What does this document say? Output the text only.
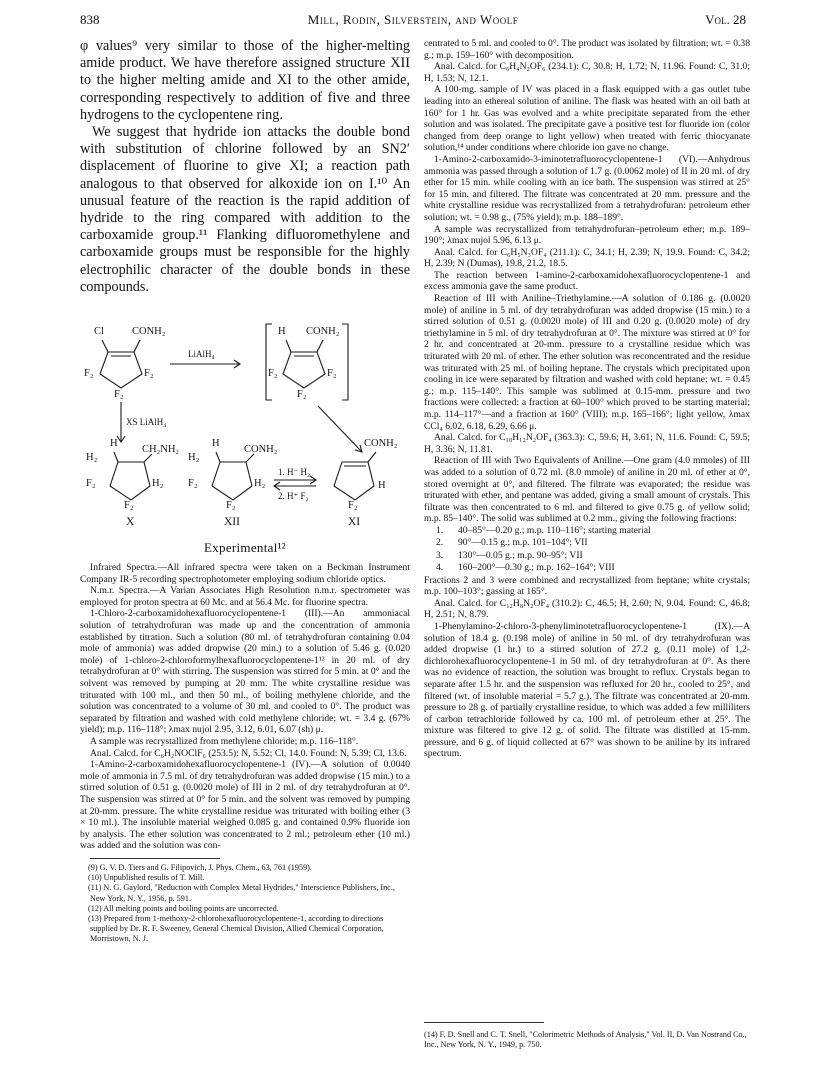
838	Mill, Rodin, Silverstein, and Woolf	Vol. 28

φ values⁹ very similar to those of the higher-melting amide product. We have therefore assigned structure XII to the higher melting amide and XI to the other amide, corresponding respectively to addition of five and three hydrogens to the cyclopentene ring.

We suggest that hydride ion attacks the double bond with substitution of chlorine followed by an SN2′ displacement of fluorine to give XI; a reaction path analogous to that observed for alkoxide ion on I.¹⁰ An unusual feature of the reaction is the rapid addition of hydride to the ring compared with addition to the carboxamide group.¹¹ Flanking difluoromethylene and carboxamide groups must be responsible for the highly electrophilic character of the double bonds in these compounds.

Cl	CONH₂
F₂	F₂
F₂
LiAlH₄
H CONH₂
F₂	F₂
F₂
XS LiAlH₄
H
CH₂NH₂
H₂
F₂	H₂
F₂
X
H
CONH₂
H₂
F₂	H₂
F₂
XII
1. H⁻ H₂
2. H⁺ F₂
CONH₂
H
F₂
XI
Experimental¹²

Infrared Spectra.—All infrared spectra were taken on a Beckman Instrument Company IR-5 recording spectrophotometer employing sodium chloride optics.

N.m.r. Spectra.—A Varian Associates High Resolution n.m.r. spectrometer was employed for proton spectra at 60 Mc. and at 56.4 Mc. for fluorine spectra.

1-Chloro-2-carboxamidohexafluorocyclopentene-1 (III).—An ammoniacal solution of tetrahydrofuran was made up and the concentration of ammonia established by titration. Such a solution (80 ml. of tetrahydrofuran containing 0.04 mole of ammonia) was added dropwise (20 min.) to a solution of 5.46 g. (0.020 mole) of 1-chloro-2-chloroformylhexafluorocyclopentene-1¹³ in 20 ml. of dry tetrahydrofuran at 0° with stirring. The suspension was stirred for 5 min. at 0° and the solvent was removed by pumping at 20 mm. The white crystalline residue was triturated with 100 ml., and then 50 ml., of boiling methylene chloride, and the solution was concentrated to a volume of 30 ml. and cooled to 0°. The product was separated by filtration and washed with cold methylene chloride; wt. = 3.4 g. (67% yield); m.p. 116–118°; λmax nujol 2.95, 3.12, 6.01, 6.07 (sh) μ.

A sample was recrystallized from methylene chloride; m.p. 116–118°.

Anal. Calcd. for C₆H₂NOClF₆ (253.5): N, 5.52; Cl, 14.0. Found: N, 5.39; Cl, 13.6.

1-Amino-2-carboxamidohexafluorocyclopentene-1 (IV).—A solution of 0.0040 mole of ammonia in 7.5 ml. of dry tetrahydrofuran was added dropwise (15 min.) to a stirred solution of 0.51 g. (0.0020 mole) of III in 2 ml. of dry tetrahydrofuran at 0°. The suspension was stirred at 0° for 5 min. and the solvent was removed by pumping at 20-mm. pressure. The white crystalline residue was triturated with boiling ether (3 × 10 ml.). The insoluble material weighed 0.085 g. and contained 0.9% fluoride ion by analysis. The ether solution was concentrated to 2 ml.; petroleum ether (10 ml.) was added and the solution was con-

(9) G. V. D. Tiers and G. Filipovich, J. Phys. Chem., 63, 761 (1959).

(10) Unpublished results of T. Mill.

(11) N. G. Gaylord, "Reduction with Complex Metal Hydrides," Interscience Publishers, Inc., New York, N. Y., 1956, p. 591.

(12) All melting points and boiling points are uncorrected.

(13) Prepared from 1-methoxy-2-chlorohexafluorocyclopentene-1, according to directions supplied by Dr. R. F. Sweeney, General Chemical Division, Allied Chemical Corporation, Morristown, N. J.

centrated to 5 ml. and cooled to 0°. The product was isolated by filtration; wt. = 0.38 g.; m.p. 159–160° with decomposition.

Anal. Calcd. for C₆H₄N₂OF₆ (234.1): C, 30.8; H, 1.72; N, 11.96. Found: C, 31.0; H, 1.53; N, 12.1.

A 100-mg. sample of IV was placed in a flask equipped with a gas outlet tube leading into an ethereal solution of aniline. The flask was heated with an oil bath at 160° for 1 hr. Gas was evolved and a white precipitate separated from the ether solution and was isolated. The precipitate gave a positive test for fluoride ion (color changed from deep orange to light yellow) when treated with ferric thiocyanate solution,¹⁴ under conditions where chloride ion gave no change.

1-Amino-2-carboxamido-3-iminotetrafluorocyclopentene-1 (VI).—Anhydrous ammonia was passed through a solution of 1.7 g. (0.0062 mole) of II in 20 ml. of dry ether for 15 min. while cooling with an ice bath. The suspension was stirred at 25° for 15 min. and filtered. The filtrate was concentrated at 20 mm. pressure and the white crystalline residue was recrystallized from a tetrahydrofuran: petroleum ether solution; wt. = 0.98 g., (75% yield); m.p. 188–189°.

A sample was recrystallized from tetrahydrofuran–petroleum ether; m.p. 189–190°; λmax nujol 5.96, 6.13 μ.

Anal. Calcd. for C₆H₅N₃OF₄ (211.1): C, 34.1; H, 2.39; N, 19.9. Found: C, 34.2; H, 2.39; N (Dumas), 19.8, 21.2, 18.5.

The reaction between 1-amino-2-carboxamidohexafluorocyclopentene-1 and excess ammonia gave the same product.

Reaction of III with Aniline–Triethylamine.—A solution of 0.186 g. (0.0020 mole) of aniline in 5 ml. of dry tetrahydrofuran was added dropwise (15 min.) to a stirred solution of 0.51 g. (0.0020 mole) of III and 0.20 g. (0.0020 mole) of dry triethylamine in 5 ml. of dry tetrahydrofuran at 0°. The mixture was stirred at 0° for 2 hr. and concentrated at 20-mm. pressure to a crystalline residue which was triturated with 20 ml. of ether. The ether solution was reconcentrated and the residue was triturated with 25 ml. of boiling heptane. The crystals which precipitated upon cooling in ice were separated by filtration and washed with cold heptane; wt. = 0.45 g.; m.p. 115–140°. This sample was sublimed at 0.15-mm. pressure and two fractions were collected: a fraction at 60–100° which proved to be starting material; m.p. 114–117°—and a fraction at 160° (VIII); m.p. 165–166°; light yellow, λmax CCl₄ 6.02, 6.18, 6.29, 6.66 μ.

Anal. Calcd. for C₁₈H₁₂N₂OF₄ (363.3): C, 59.6; H, 3.61; N, 11.6. Found: C, 59.5; H, 3.36; N, 11.81.

Reaction of III with Two Equivalents of Aniline.—One gram (4.0 mmoles) of III was added to a solution of 0.72 ml. (8.0 mmole) of aniline in 20 ml. of ether at 0°, stored overnight at 0°, and filtered. The filtrate was evaporated; the residue was triturated with ether, and pentane was added, giving a small amount of crystals. This filtrate was then concentrated to 6 ml. and filtered to give 0.75 g. of yellow solid; m.p. 85–140°. The solid was sublimed at 0.2 mm., giving the following fractions:

1. 40–85°—0.20 g.; m.p. 110–116°; starting material
2. 90°—0.15 g.; m.p. 101–104°; VII
3. 130°—0.05 g.; m.p. 90–95°; VII
4. 160–200°—0.30 g.; m.p. 162–164°; VIII

Fractions 2 and 3 were combined and recrystallized from heptane; white crystals; m.p. 100–103°; gassing at 165°.

Anal. Calcd. for C₁₂H₈N₂OF₄ (310.2): C, 46.5; H, 2.60; N, 9.04. Found: C, 46.8; H, 2.51; N, 8.79.

1-Phenylamino-2-chloro-3-phenyliminotetrafluorocyclopentene-1 (IX).—A solution of 18.4 g. (0.198 mole) of aniline in 50 ml. of dry tetrahydrofuran was added dropwise (1 hr.) to a stirred solution of 27.2 g. (0.11 mole) of 1,2-dichlorohexafluorocyclopentene-1 in 50 ml. of dry tetrahydrofuran at 0°. As there was no evidence of reaction, the solution was brought to reflux. Crystals began to separate after 1.5 hr. and the suspension was refluxed for 20 hr., cooled to 25°, and filtered (wt. of insoluble material = 5.7 g.). The filtrate was concentrated at 20-mm. pressure to 28 g. of partially crystalline residue, to which was added a few milliliters of carbon tetrachloride followed by ca. 100 ml. of petroleum ether at 25°. The mixture was filtered to give 12 g. of solid. The filtrate was distilled at 15-mm. pressure, and 6 g. of liquid collected at 67° was shown to be aniline by its infrared spectrum.

(14) F. D. Snell and C. T. Snell, "Colorimetric Methods of Analysis," Vol. II, D. Van Nostrand Co., Inc., New York, N. Y., 1949, p. 750.
